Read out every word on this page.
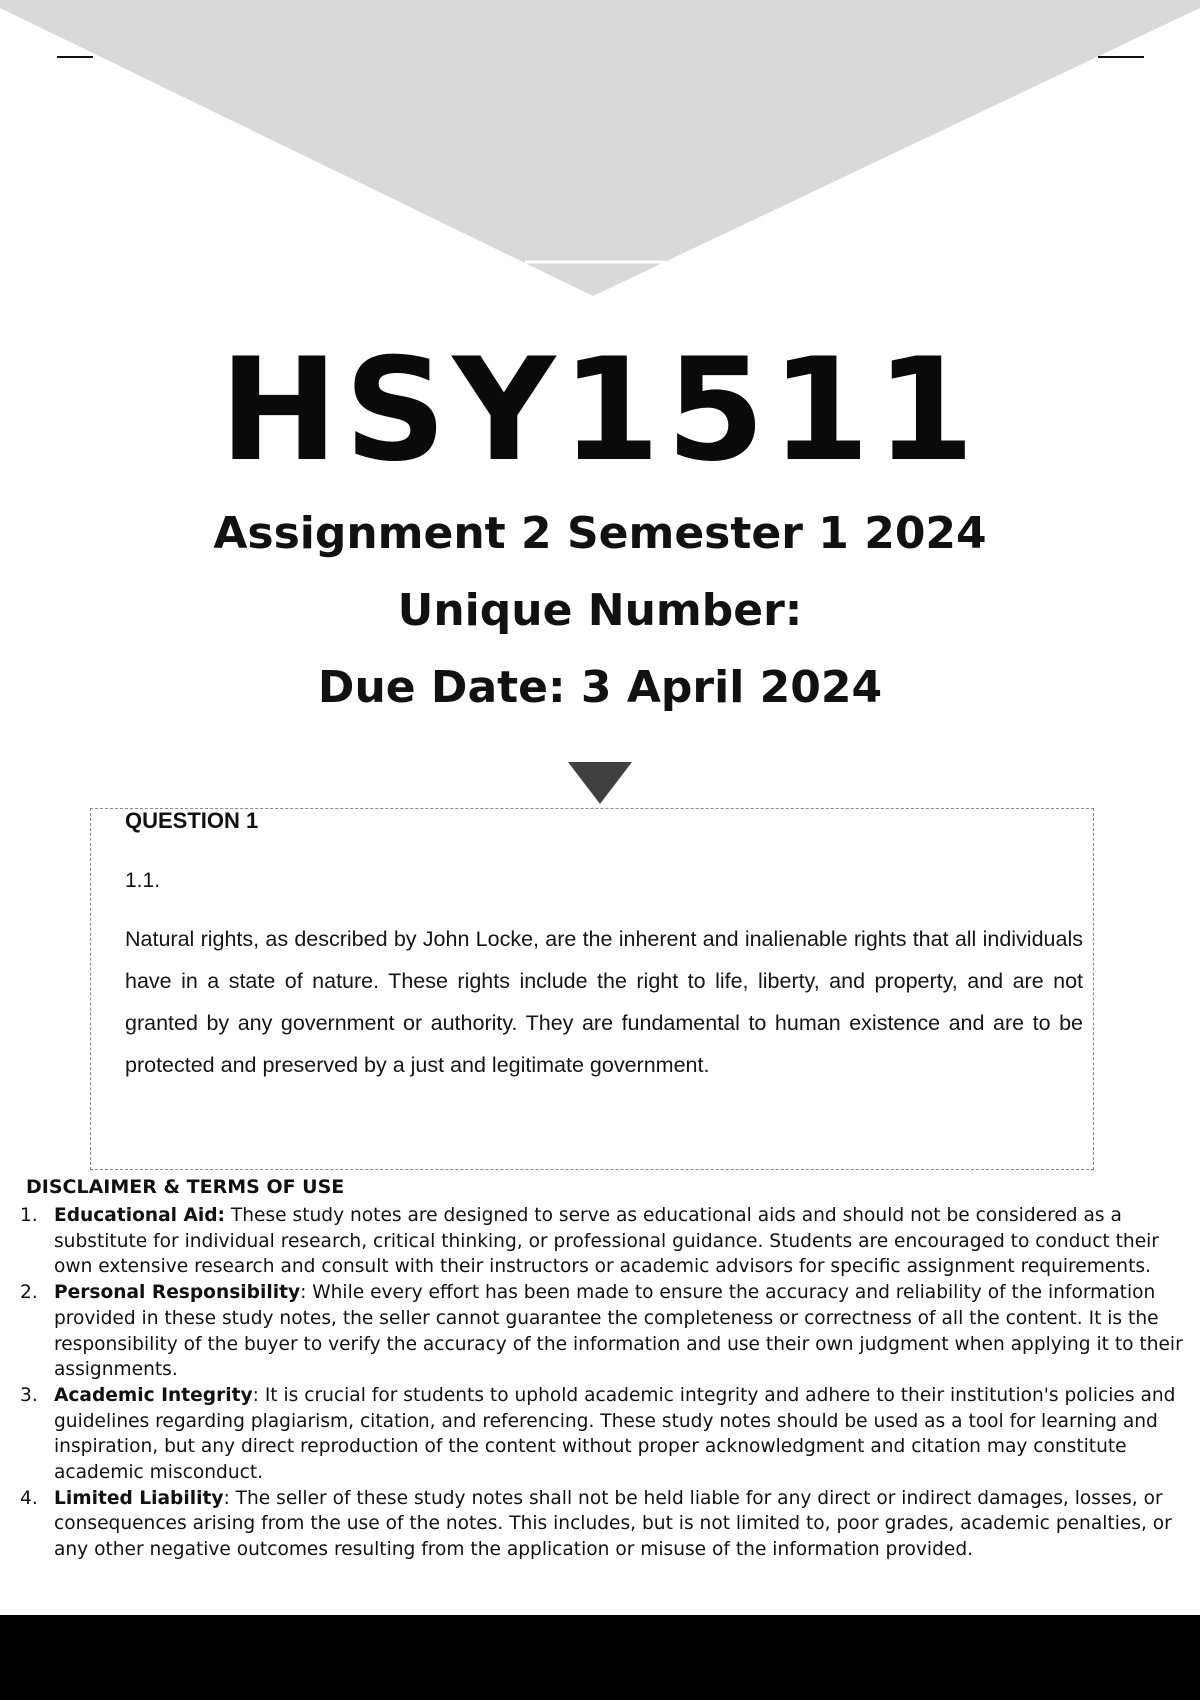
HSY1511
Assignment 2 Semester 1 2024
Unique Number:
Due Date: 3 April 2024
QUESTION 1
1.1.

Natural rights, as described by John Locke, are the inherent and inalienable rights that all individuals have in a state of nature. These rights include the right to life, liberty, and property, and are not granted by any government or authority. They are fundamental to human existence and are to be protected and preserved by a just and legitimate government.

DISCLAIMER & TERMS OF USE
1. Educational Aid: These study notes are designed to serve as educational aids and should not be considered as a substitute for individual research, critical thinking, or professional guidance. Students are encouraged to conduct their own extensive research and consult with their instructors or academic advisors for specific assignment requirements.
2. Personal Responsibility: While every effort has been made to ensure the accuracy and reliability of the information provided in these study notes, the seller cannot guarantee the completeness or correctness of all the content. It is the responsibility of the buyer to verify the accuracy of the information and use their own judgment when applying it to their assignments.
3. Academic Integrity: It is crucial for students to uphold academic integrity and adhere to their institution's policies and guidelines regarding plagiarism, citation, and referencing. These study notes should be used as a tool for learning and inspiration, but any direct reproduction of the content without proper acknowledgment and citation may constitute academic misconduct.
4. Limited Liability: The seller of these study notes shall not be held liable for any direct or indirect damages, losses, or consequences arising from the use of the notes. This includes, but is not limited to, poor grades, academic penalties, or any other negative outcomes resulting from the application or misuse of the information provided.
